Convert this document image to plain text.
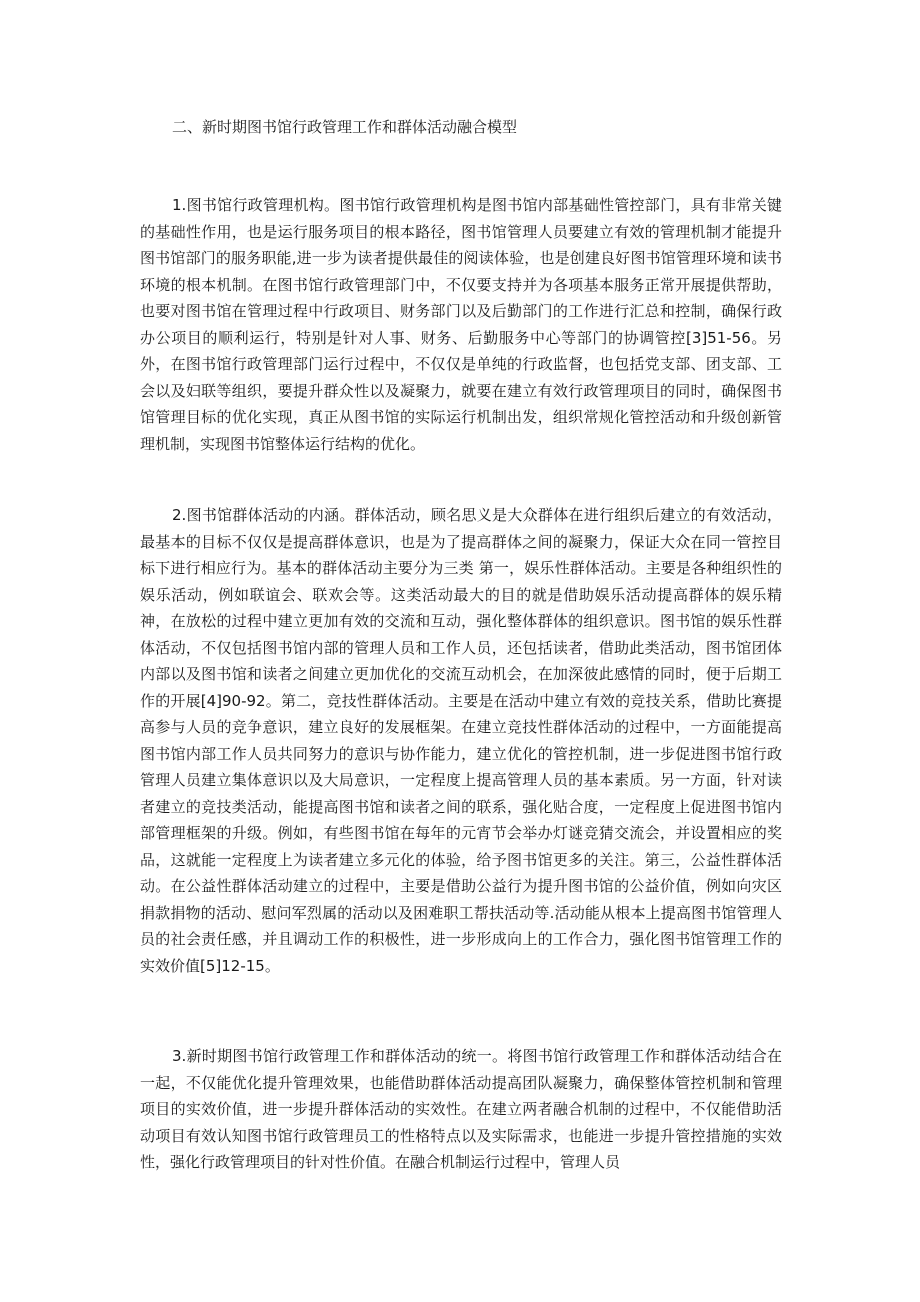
二、新时期图书馆行政管理工作和群体活动融合模型

1.图书馆行政管理机构。图书馆行政管理机构是图书馆内部基础性管控部门，具有非常关键的基础性作用，也是运行服务项目的根本路径，图书馆管理人员要建立有效的管理机制才能提升图书馆部门的服务职能,进一步为读者提供最佳的阅读体验，也是创建良好图书馆管理环境和读书环境的根本机制。在图书馆行政管理部门中，不仅要支持并为各项基本服务正常开展提供帮助，也要对图书馆在管理过程中行政项目、财务部门以及后勤部门的工作进行汇总和控制，确保行政办公项目的顺利运行，特别是针对人事、财务、后勤服务中心等部门的协调管控[3]51-56。另外，在图书馆行政管理部门运行过程中，不仅仅是单纯的行政监督，也包括党支部、团支部、工会以及妇联等组织，要提升群众性以及凝聚力，就要在建立有效行政管理项目的同时，确保图书馆管理目标的优化实现，真正从图书馆的实际运行机制出发，组织常规化管控活动和升级创新管理机制，实现图书馆整体运行结构的优化。

2.图书馆群体活动的内涵。群体活动，顾名思义是大众群体在进行组织后建立的有效活动，最基本的目标不仅仅是提高群体意识，也是为了提高群体之间的凝聚力，保证大众在同一管控目标下进行相应行为。基本的群体活动主要分为三类 第一，娱乐性群体活动。主要是各种组织性的娱乐活动，例如联谊会、联欢会等。这类活动最大的目的就是借助娱乐活动提高群体的娱乐精神，在放松的过程中建立更加有效的交流和互动，强化整体群体的组织意识。图书馆的娱乐性群体活动，不仅包括图书馆内部的管理人员和工作人员，还包括读者，借助此类活动，图书馆团体内部以及图书馆和读者之间建立更加优化的交流互动机会，在加深彼此感情的同时，便于后期工作的开展[4]90-92。第二，竞技性群体活动。主要是在活动中建立有效的竞技关系，借助比赛提高参与人员的竞争意识，建立良好的发展框架。在建立竞技性群体活动的过程中，一方面能提高图书馆内部工作人员共同努力的意识与协作能力，建立优化的管控机制，进一步促进图书馆行政管理人员建立集体意识以及大局意识，一定程度上提高管理人员的基本素质。另一方面，针对读者建立的竞技类活动，能提高图书馆和读者之间的联系，强化贴合度，一定程度上促进图书馆内部管理框架的升级。例如，有些图书馆在每年的元宵节会举办灯谜竞猜交流会，并设置相应的奖品，这就能一定程度上为读者建立多元化的体验，给予图书馆更多的关注。第三，公益性群体活动。在公益性群体活动建立的过程中，主要是借助公益行为提升图书馆的公益价值，例如向灾区捐款捐物的活动、慰问军烈属的活动以及困难职工帮扶活动等.活动能从根本上提高图书馆管理人员的社会责任感，并且调动工作的积极性，进一步形成向上的工作合力，强化图书馆管理工作的实效价值[5]12-15。

3.新时期图书馆行政管理工作和群体活动的统一。将图书馆行政管理工作和群体活动结合在一起，不仅能优化提升管理效果，也能借助群体活动提高团队凝聚力，确保整体管控机制和管理项目的实效价值，进一步提升群体活动的实效性。在建立两者融合机制的过程中，不仅能借助活动项目有效认知图书馆行政管理员工的性格特点以及实际需求，也能进一步提升管控措施的实效性，强化行政管理项目的针对性价值。在融合机制运行过程中，管理人员
